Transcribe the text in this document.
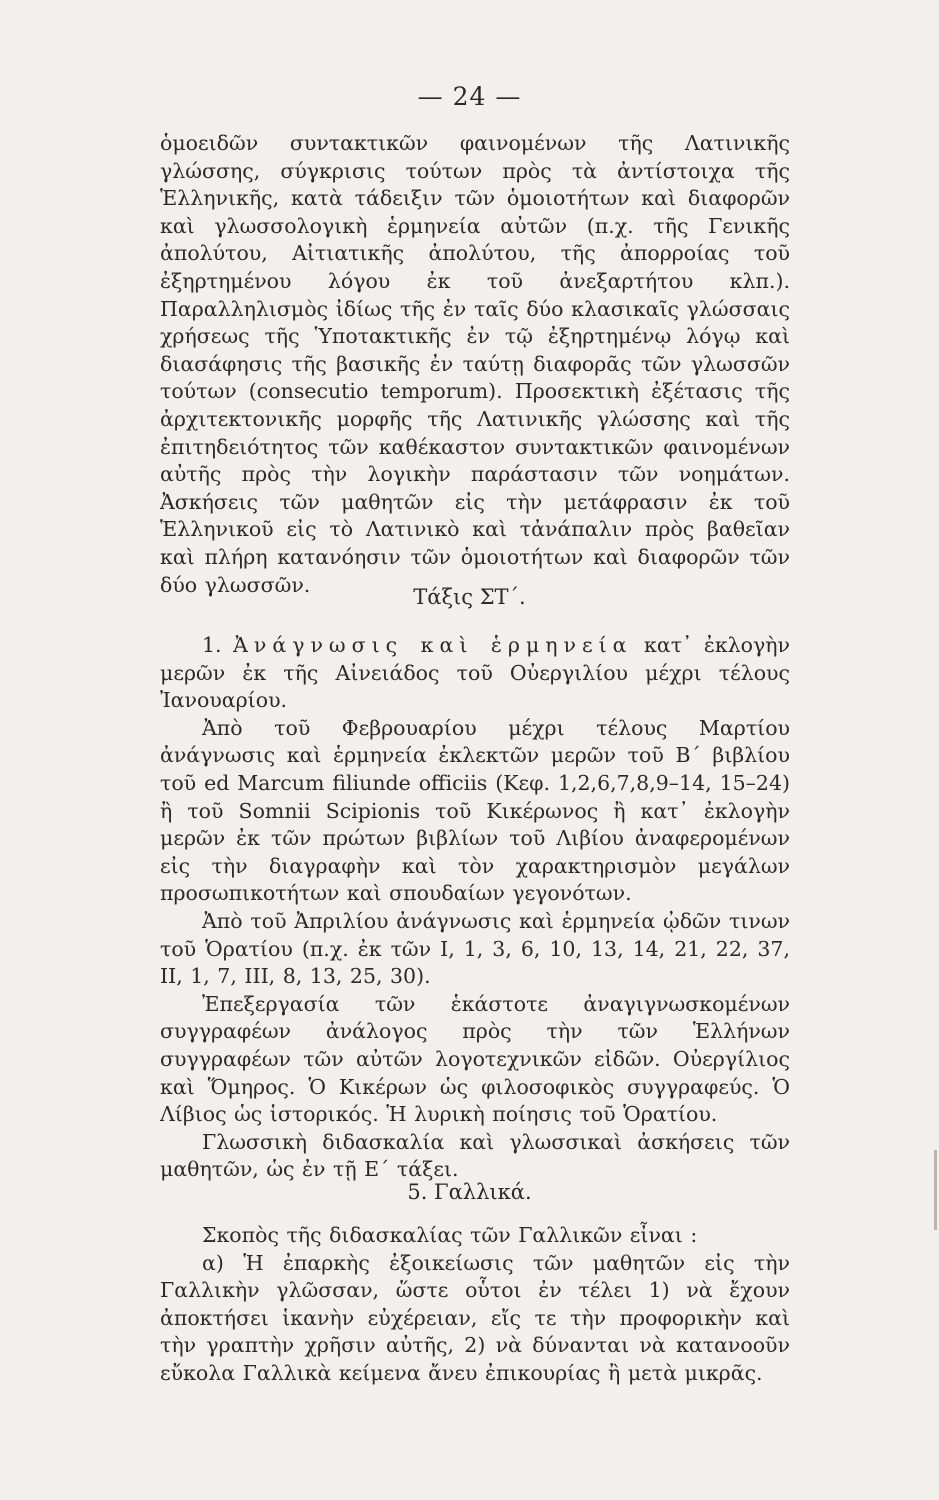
— 24 —

ὁμοειδῶν συντακτικῶν φαινομένων τῆς Λατινικῆς γλώσσης, σύγκρισις τούτων πρὸς τὰ ἀντίστοιχα τῆς Ἑλληνικῆς, κατὰ τάδειξιν τῶν ὁμοιοτήτων καὶ διαφορῶν καὶ γλωσσολογικὴ ἑρμηνεία αὐτῶν (π.χ. τῆς Γενικῆς ἀπολύτου, Αἰτιατικῆς ἀπολύτου, τῆς ἀπορροίας τοῦ ἐξηρτημένου λόγου ἐκ τοῦ ἀνεξαρτήτου κλπ.). Παραλληλισμὸς ἰδίως τῆς ἐν ταῖς δύο κλασικαῖς γλώσσαις χρήσεως τῆς Ὑποτακτικῆς ἐν τῷ ἐξηρτημένῳ λόγῳ καὶ διασάφησις τῆς βασικῆς ἐν ταύτῃ διαφορᾶς τῶν γλωσσῶν τούτων (consecutio temporum). Προσεκτικὴ ἐξέτασις τῆς ἀρχιτεκτονικῆς μορφῆς τῆς Λατινικῆς γλώσσης καὶ τῆς ἐπιτηδειότητος τῶν καθέκαστον συντακτικῶν φαινομένων αὐτῆς πρὸς τὴν λογικὴν παράστασιν τῶν νοημάτων. Ἀσκήσεις τῶν μαθητῶν εἰς τὴν μετάφρασιν ἐκ τοῦ Ἑλληνικοῦ εἰς τὸ Λατινικὸ καὶ τἀνάπαλιν πρὸς βαθεῖαν καὶ πλήρη κατανόησιν τῶν ὁμοιοτήτων καὶ διαφορῶν τῶν δύο γλωσσῶν.

Τάξις ΣΤ΄.

1. Ἀνάγνωσις καὶ ἑρμηνεία κατ᾽ ἐκλογὴν μερῶν ἐκ τῆς Αἰνειάδος τοῦ Οὐεργιλίου μέχρι τέλους Ἰανουαρίου.

Ἀπὸ τοῦ Φεβρουαρίου μέχρι τέλους Μαρτίου ἀνάγνωσις καὶ ἑρμηνεία ἐκλεκτῶν μερῶν τοῦ Β΄ βιβλίου τοῦ ed Marcum filiunde officiis (Κεφ. 1,2,6,7,8,9–14, 15–24) ἢ τοῦ Somnii Scipionis τοῦ Κικέρωνος ἢ κατ᾽ ἐκλογὴν μερῶν ἐκ τῶν πρώτων βιβλίων τοῦ Λιβίου ἀναφερομένων εἰς τὴν διαγραφὴν καὶ τὸν χαρακτηρισμὸν μεγάλων προσωπικοτήτων καὶ σπουδαίων γεγονότων.

Ἀπὸ τοῦ Ἀπριλίου ἀνάγνωσις καὶ ἑρμηνεία ᾠδῶν τινων τοῦ Ὁρατίου (π.χ. ἐκ τῶν I, 1, 3, 6, 10, 13, 14, 21, 22, 37, II, 1, 7, III, 8, 13, 25, 30).

Ἐπεξεργασία τῶν ἑκάστοτε ἀναγιγνωσκομένων συγγραφέων ἀνάλογος πρὸς τὴν τῶν Ἑλλήνων συγγραφέων τῶν αὐτῶν λογοτεχνικῶν εἰδῶν. Οὐεργίλιος καὶ Ὅμηρος. Ὁ Κικέρων ὡς φιλοσοφικὸς συγγραφεύς. Ὁ Λίβιος ὡς ἱστορικός. Ἡ λυρικὴ ποίησις τοῦ Ὁρατίου.

Γλωσσικὴ διδασκαλία καὶ γλωσσικαὶ ἀσκήσεις τῶν μαθητῶν, ὡς ἐν τῇ Ε΄ τάξει.

5. Γαλλικά.

Σκοπὸς τῆς διδασκαλίας τῶν Γαλλικῶν εἶναι :

α) Ἡ ἐπαρκὴς ἐξοικείωσις τῶν μαθητῶν εἰς τὴν Γαλλικὴν γλῶσσαν, ὥστε οὗτοι ἐν τέλει 1) νὰ ἔχουν ἀποκτήσει ἱκανὴν εὐχέρειαν, εἴς τε τὴν προφορικὴν καὶ τὴν γραπτὴν χρῆσιν αὐτῆς, 2) νὰ δύνανται νὰ κατανοοῦν εὔκολα Γαλλικὰ κείμενα ἄνευ ἐπικουρίας ἢ μετὰ μικρᾶς.
